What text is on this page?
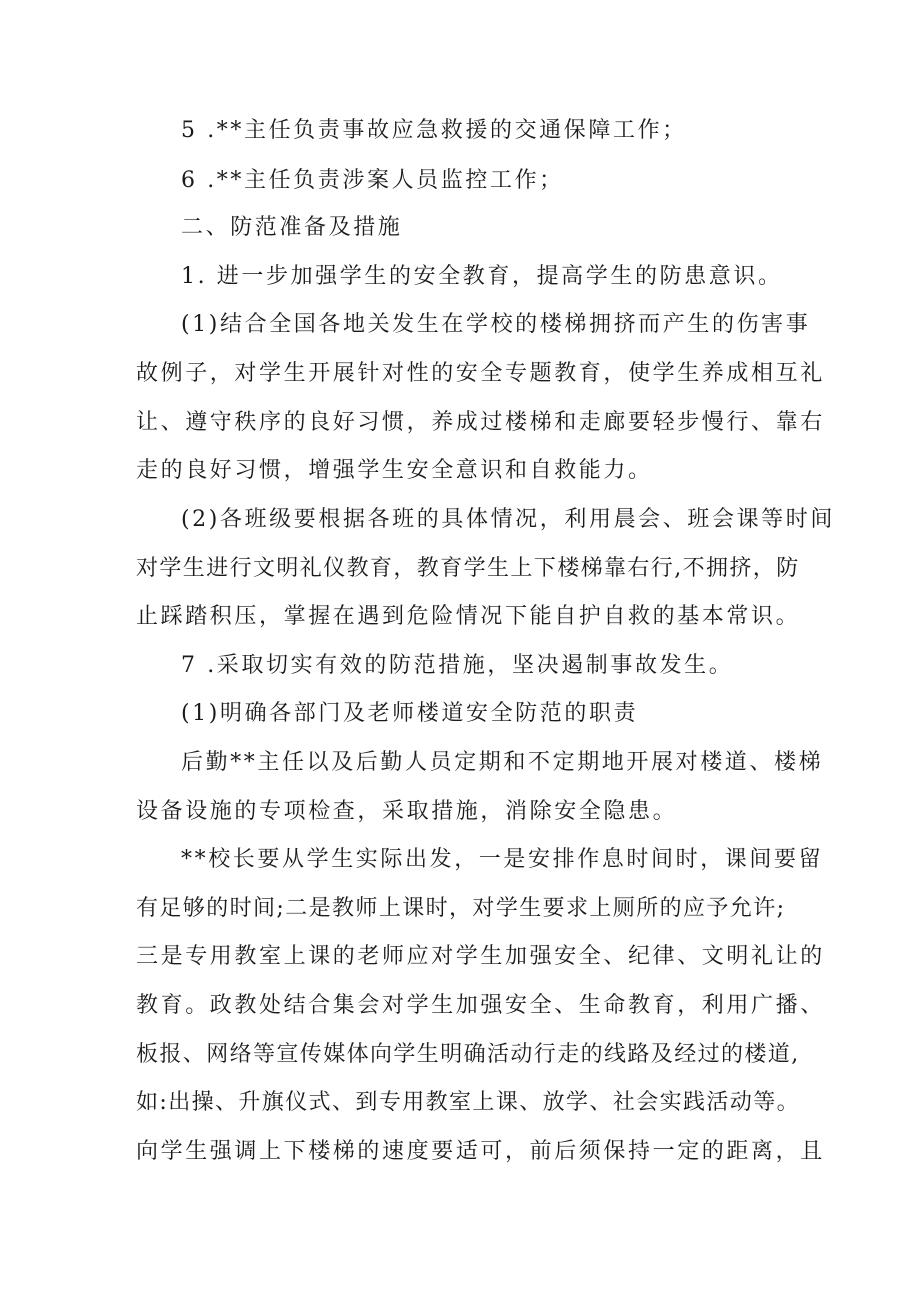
5 .**主任负责事故应急救援的交通保障工作；
6 .**主任负责涉案人员监控工作；
二、防范准备及措施
1. 进一步加强学生的安全教育，提高学生的防患意识。
(1)结合全国各地关发生在学校的楼梯拥挤而产生的伤害事
故例子，对学生开展针对性的安全专题教育，使学生养成相互礼
让、遵守秩序的良好习惯，养成过楼梯和走廊要轻步慢行、靠右
走的良好习惯，增强学生安全意识和自救能力。
(2)各班级要根据各班的具体情况，利用晨会、班会课等时间
对学生进行文明礼仪教育，教育学生上下楼梯靠右行,不拥挤，防
止踩踏积压，掌握在遇到危险情况下能自护自救的基本常识。
7 .采取切实有效的防范措施，坚决遏制事故发生。
(1)明确各部门及老师楼道安全防范的职责
后勤**主任以及后勤人员定期和不定期地开展对楼道、楼梯
设备设施的专项检查，采取措施，消除安全隐患。
**校长要从学生实际出发，一是安排作息时间时，课间要留
有足够的时间;二是教师上课时，对学生要求上厕所的应予允许;
三是专用教室上课的老师应对学生加强安全、纪律、文明礼让的
教育。政教处结合集会对学生加强安全、生命教育，利用广播、
板报、网络等宣传媒体向学生明确活动行走的线路及经过的楼道,
如:出操、升旗仪式、到专用教室上课、放学、社会实践活动等。
向学生强调上下楼梯的速度要适可，前后须保持一定的距离，且
